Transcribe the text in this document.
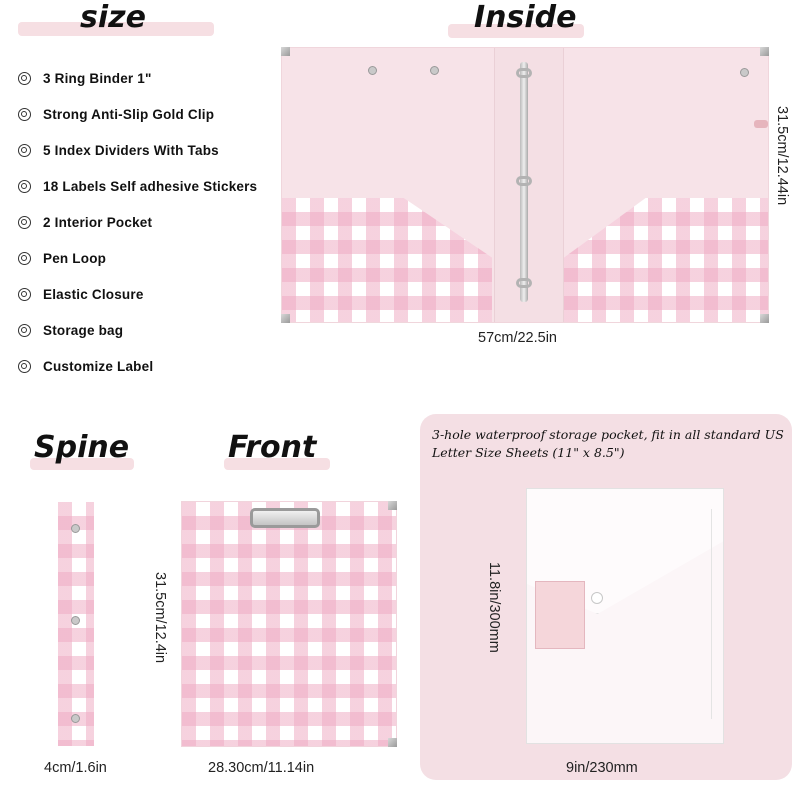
size	Inside
3 Ring Binder 1"
Strong Anti-Slip Gold Clip
5 Index Dividers With Tabs
18 Labels Self adhesive Stickers
2 Interior Pocket
Pen Loop
Elastic Closure
Storage bag
Customize Label
31.5cm/12.44in
57cm/22.5in
Spine
4cm/1.6in
Front
31.5cm/12.4in
28.30cm/11.14in
3-hole waterproof storage pocket, fit in all standard US Letter Size Sheets (11" x 8.5")
11.8in/300mm
9in/230mm
